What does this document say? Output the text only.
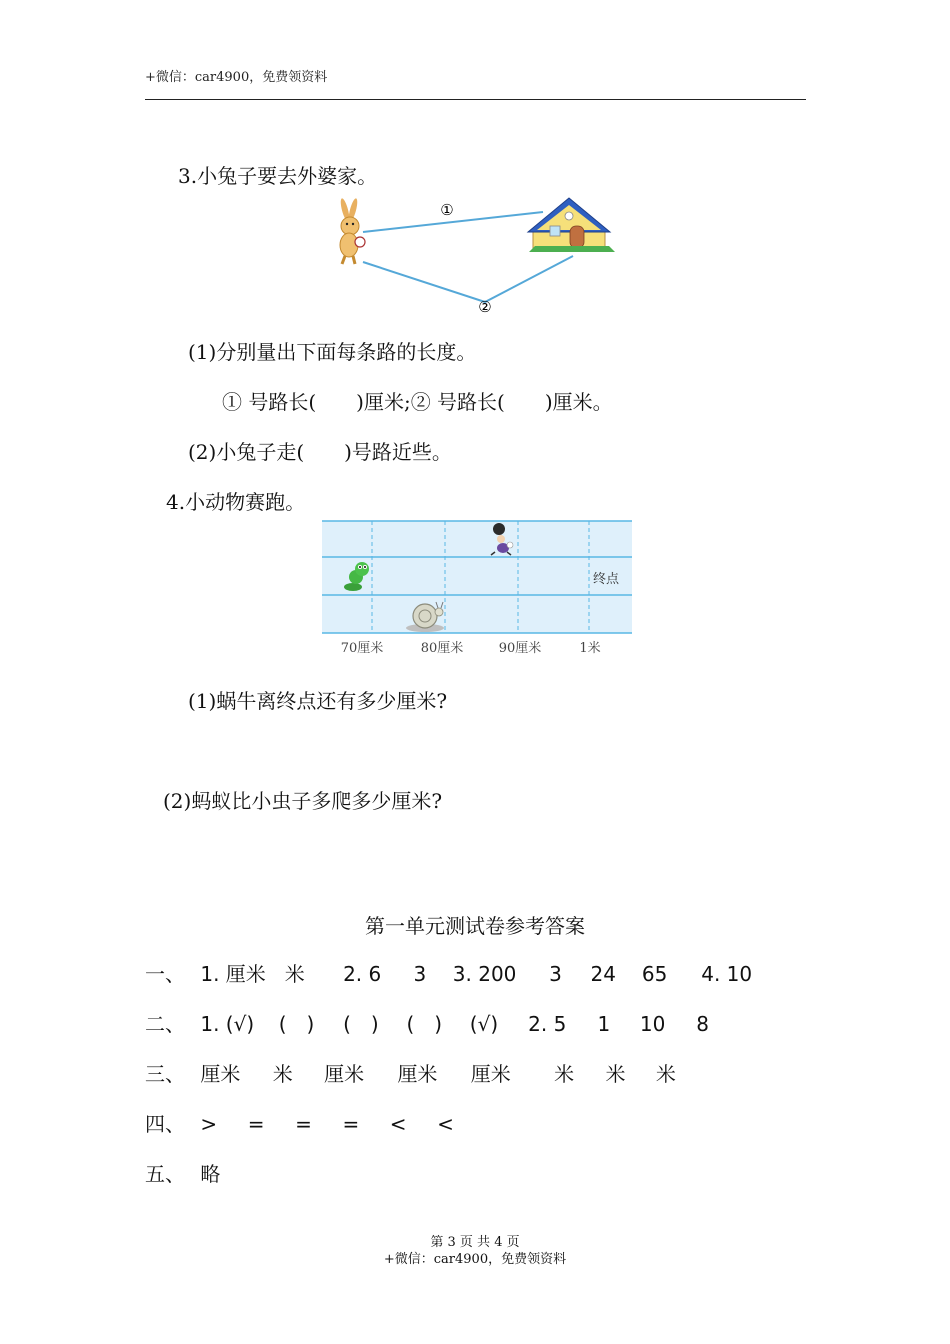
+微信：car4900，免费领资料
3.小兔子要去外婆家。
①
②
(1)分别量出下面每条路的长度。
① 号路长(　　)厘米;② 号路长(　　)厘米。
(2)小兔子走(　　)号路近些。
4.小动物赛跑。
终点
70厘米	80厘米	90厘米	1米
(1)蜗牛离终点还有多少厘米?
(2)蚂蚁比小虫子多爬多少厘米?
第一单元测试卷参考答案
一、 1. 厘米 米 2. 6 3 3. 200 3 24 65 4. 10
二、 1. (√) (　) (　) (　) (√) 2. 5 1 10 8
三、 厘米 米 厘米 厘米 厘米 米 米 米
四、 > = = = < <
五、 略
第 3 页 共 4 页
+微信：car4900，免费领资料
